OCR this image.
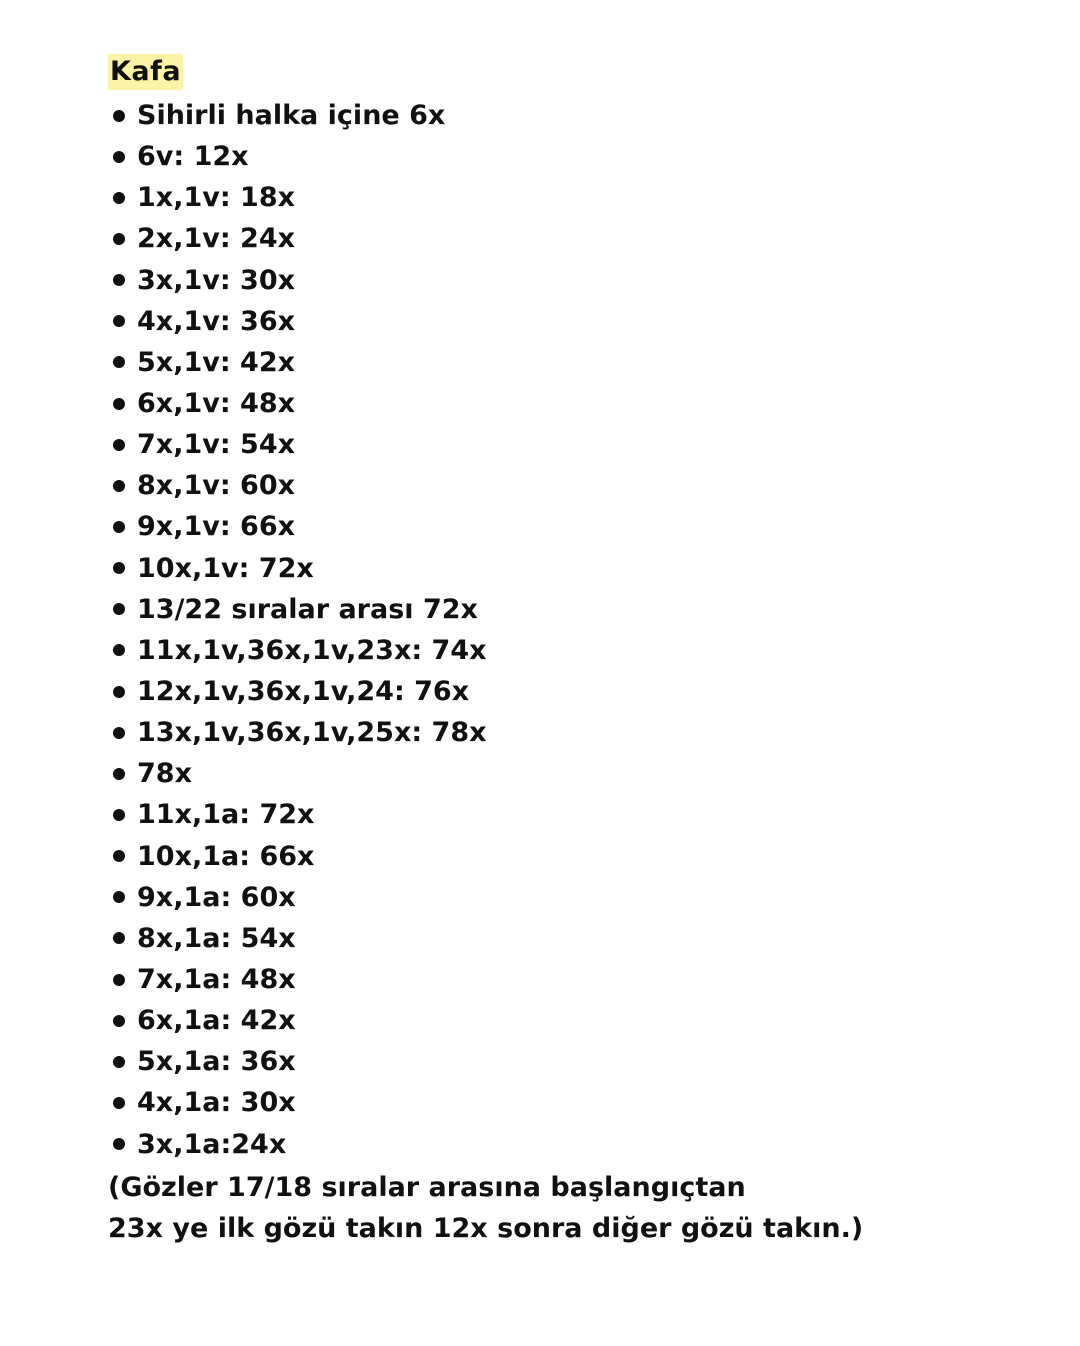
Kafa
Sihirli halka içine 6x
6v: 12x
1x,1v: 18x
2x,1v: 24x
3x,1v: 30x
4x,1v: 36x
5x,1v: 42x
6x,1v: 48x
7x,1v: 54x
8x,1v: 60x
9x,1v: 66x
10x,1v: 72x
13/22 sıralar arası 72x
11x,1v,36x,1v,23x: 74x
12x,1v,36x,1v,24: 76x
13x,1v,36x,1v,25x: 78x
78x
11x,1a: 72x
10x,1a: 66x
9x,1a: 60x
8x,1a: 54x
7x,1a: 48x
6x,1a: 42x
5x,1a: 36x
4x,1a: 30x
3x,1a:24x
(Gözler 17/18 sıralar arasına başlangıçtan
23x ye ilk gözü takın 12x sonra diğer gözü takın.)
